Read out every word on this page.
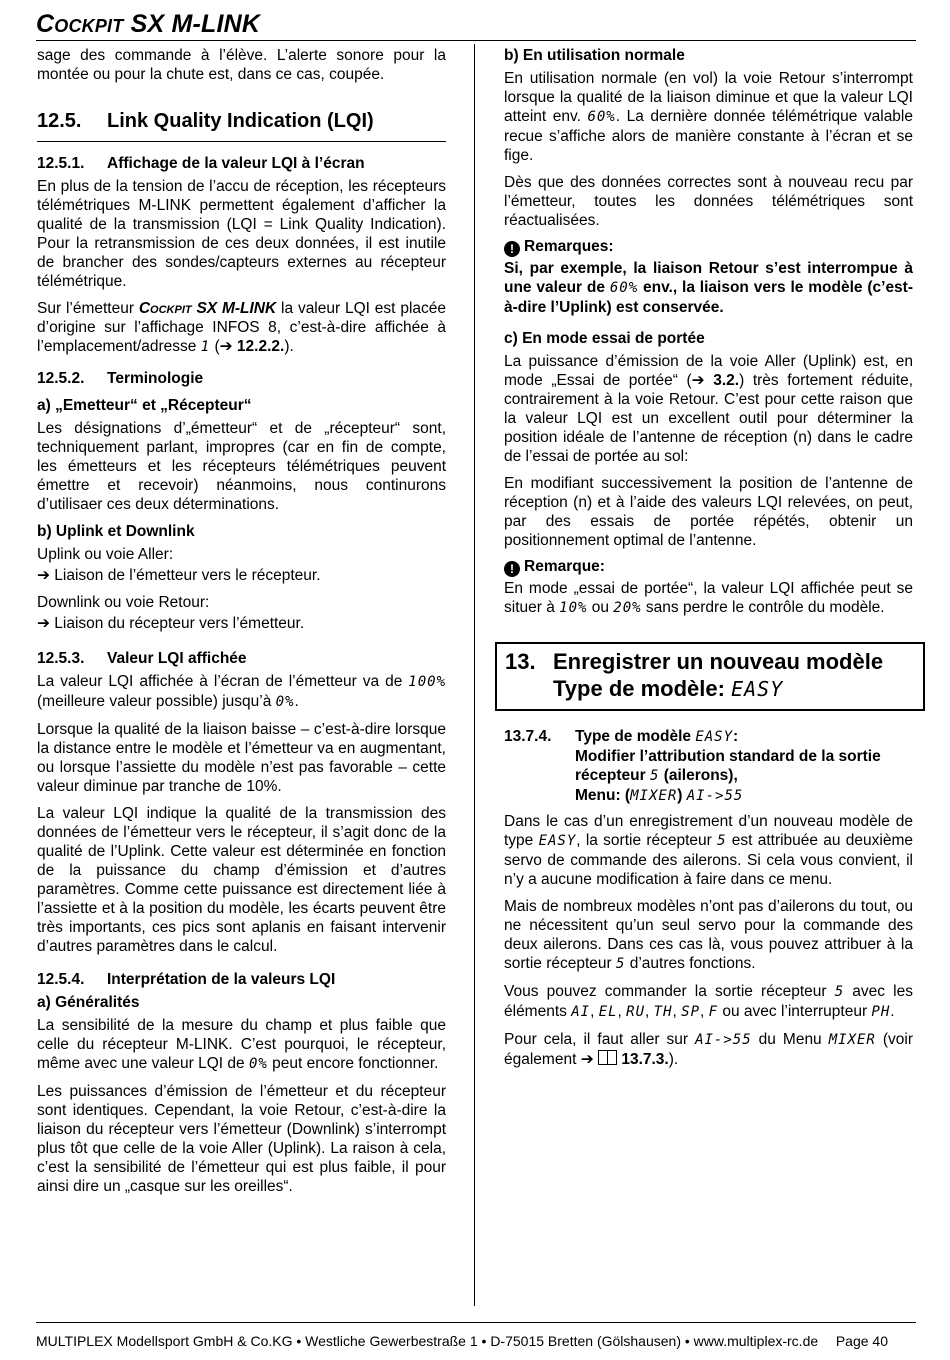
Cockpit SX M-LINK

sage des commande à l’élève. L’alerte sonore pour la montée ou pour la chute est, dans ce cas, coupée.

12.5. Link Quality Indication (LQI)
12.5.1. Affichage de la valeur LQI à l’écran

En plus de la tension de l’accu de réception, les récepteurs télémétriques M-LINK permettent également d’afficher la qualité de la transmission (LQI = Link Quality Indication). Pour la retransmission de ces deux données, il est inutile de brancher des sondes/capteurs externes au récepteur télémétrique.

Sur l’émetteur Cockpit SX M-LINK la valeur LQI est placée d’origine sur l’affichage INFOS 8, c’est-à-dire affichée à l’emplacement/adresse 1 (➔ 12.2.2.).

12.5.2. Terminologie
a) „Emetteur“ et „Récepteur“

Les désignations d’„émetteur“ et de „récepteur“ sont, techniquement parlant, impropres (car en fin de compte, les émetteurs et les récepteurs télémétriques peuvent émettre et recevoir) néanmoins, nous continurons d’utilisaer ces deux déterminations.

b) Uplink et Downlink

Uplink ou voie Aller:

➔ Liaison de l’émetteur vers le récepteur.

Downlink ou voie Retour:

➔ Liaison du récepteur vers l’émetteur.

12.5.3. Valeur LQI affichée

La valeur LQI affichée à l’écran de l’émetteur va de 100% (meilleure valeur possible) jusqu’à 0%.

Lorsque la qualité de la liaison baisse – c’est-à-dire lorsque la distance entre le modèle et l’émetteur va en augmentant, ou lorsque l’assiette du modèle n’est pas favorable – cette valeur diminue par tranche de 10%.

La valeur LQI indique la qualité de la transmission des données de l’émetteur vers le récepteur, il s’agit donc de la qualité de l’Uplink. Cette valeur est déterminée en fonction de la puissance du champ d’émission et d’autres paramètres. Comme cette puissance est directement liée à l’assiette et à la position du modèle, les écarts peuvent être très importants, ces pics sont aplanis en faisant intervenir d’autres paramètres dans le calcul.

12.5.4. Interprétation de la valeurs LQI
a) Généralités

La sensibilité de la mesure du champ et plus faible que celle du récepteur M-LINK. C’est pourquoi, le récepteur, même avec une valeur LQI de 0% peut encore fonctionner.

Les puissances d’émission de l’émetteur et du récepteur sont identiques. Cependant, la voie Retour, c’est-à-dire la liaison du récepteur vers l’émetteur (Downlink) s’interrompt plus tôt que celle de la voie Aller (Uplink). La raison à cela, c’est la sensibilité de l’émetteur qui est plus faible, il pour ainsi dire un „casque sur les oreilles“.

b) En utilisation normale

En utilisation normale (en vol) la voie Retour s’interrompt lorsque la qualité de la liaison diminue et que la valeur LQI atteint env. 60%. La dernière donnée télémétrique valable recue s’affiche alors de manière constante à l’écran et se fige.

Dès que des données correctes sont à nouveau recu par l’émetteur, toutes les données télémétriques sont réactualisées.

! Remarques:

Si, par exemple, la liaison Retour s’est interrompue à une valeur de 60% env., la liaison vers le modèle (c’est-à-dire l’Uplink) est conservée.

c) En mode essai de portée

La puissance d’émission de la voie Aller (Uplink) est, en mode „Essai de portée“ (➔ 3.2.) très fortement réduite, contrairement à la voie Retour. C’est pour cette raison que la valeur LQI est un excellent outil pour déterminer la position idéale de l’antenne de réception (n) dans le cadre de l’essai de portée au sol:

En modifiant successivement la position de l’antenne de réception (n) et à l’aide des valeurs LQI relevées, on peut, par des essais de portée répétés, obtenir un positionnement optimal de l’antenne.

! Remarque:

En mode „essai de portée“, la valeur LQI affichée peut se situer à 10% ou 20% sans perdre le contrôle du modèle.

13. Enregistrer un nouveau modèle
Type de modèle: EASY
13.7.4. Type de modèle EASY:
Modifier l’attribution standard de la sortie
récepteur 5 (ailerons),
Menu: (MIXER) AI->55

Dans le cas d’un enregistrement d’un nouveau modèle de type EASY, la sortie récepteur 5 est attribuée au deuxième servo de commande des ailerons. Si cela vous convient, il n’y a aucune modification à faire dans ce menu.

Mais de nombreux modèles n’ont pas d’ailerons du tout, ou ne nécessitent qu’un seul servo pour la commande des deux ailerons. Dans ces cas là, vous pouvez attribuer à la sortie récepteur 5 d’autres fonctions.

Vous pouvez commander la sortie récepteur 5 avec les éléments AI, EL, RU, TH, SP, F ou avec l’interrupteur PH.

Pour cela, il faut aller sur AI->55 du Menu MIXER (voir également ➔ 13.7.3.).

MULTIPLEX Modellsport GmbH & Co.KG • Westliche Gewerbestraße 1 • D-75015 Bretten (Gölshausen) • www.multiplex-rc.de Page 40
